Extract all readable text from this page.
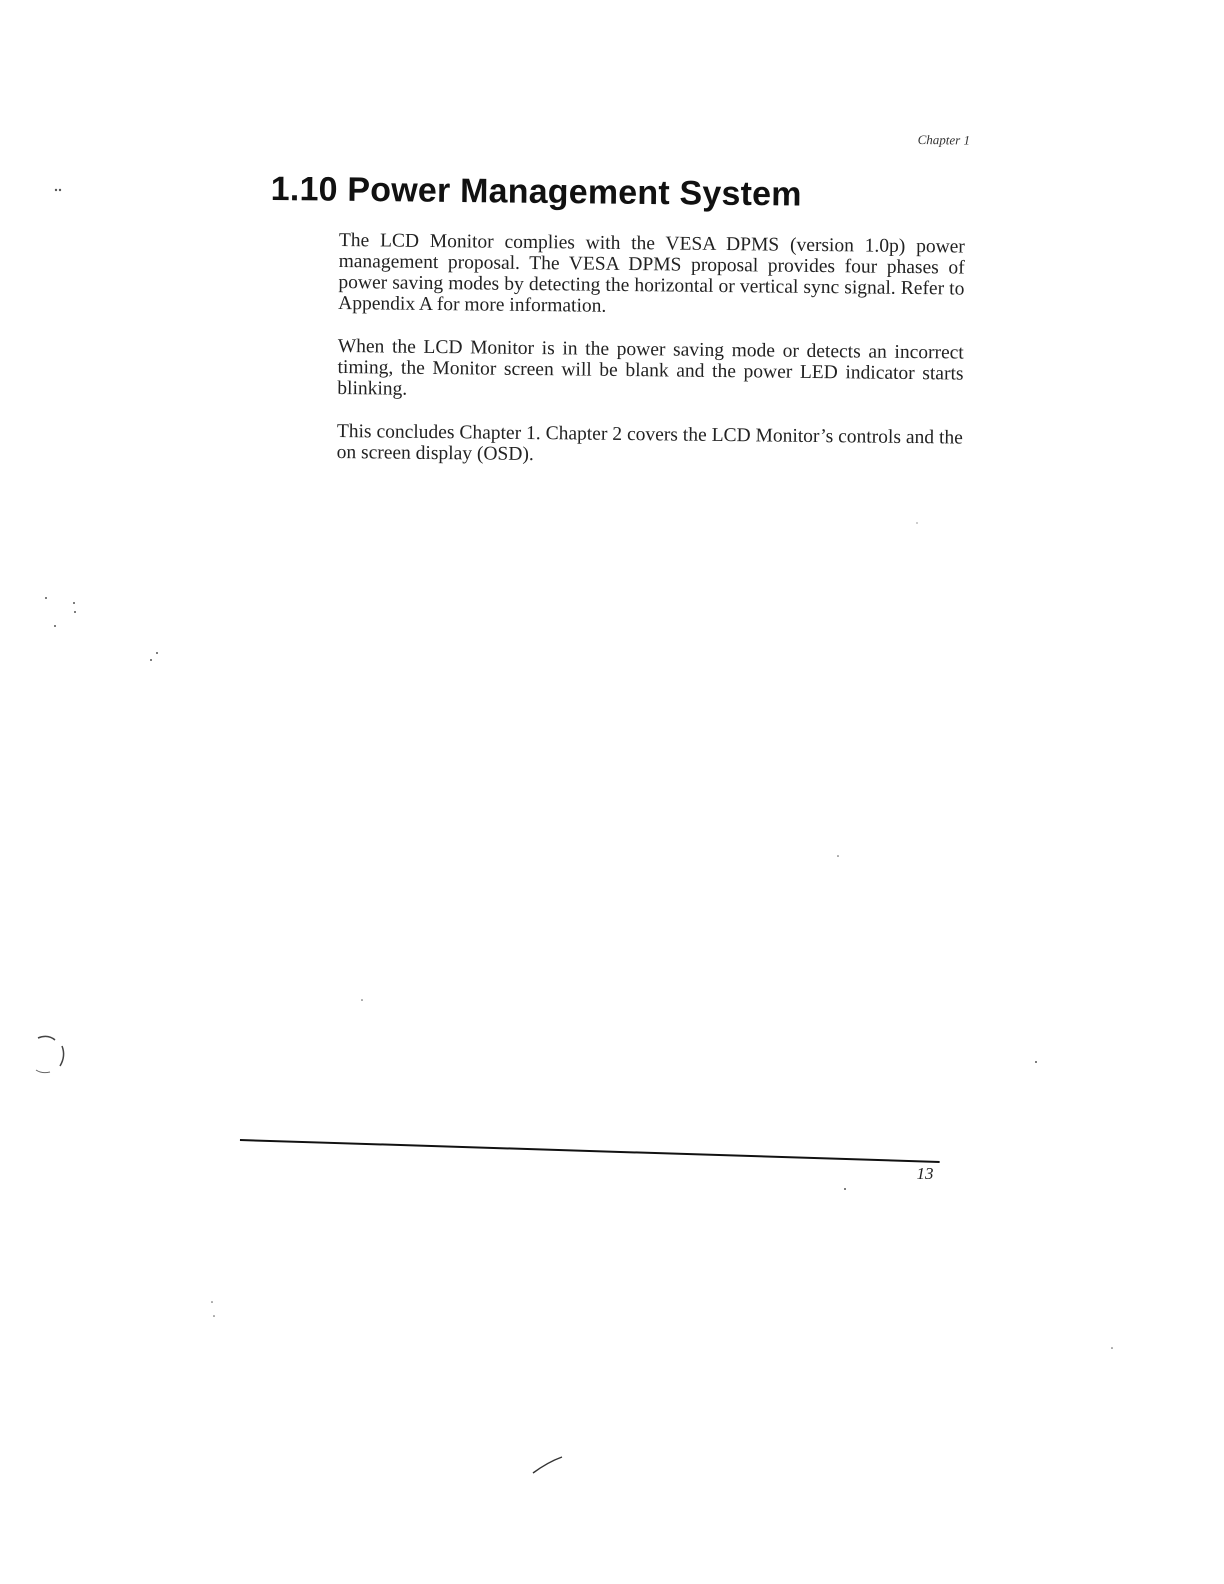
Chapter 1
1.10 Power Management System

The LCD Monitor complies with the VESA DPMS (version 1.0p) power management proposal. The VESA DPMS proposal provides four phases of power saving modes by detecting the horizontal or vertical sync signal. Refer to Appendix A for more information.

When the LCD Monitor is in the power saving mode or detects an incorrect timing, the Monitor screen will be blank and the power LED indicator starts blinking.

This concludes Chapter 1. Chapter 2 covers the LCD Monitor’s controls and the on screen display (OSD).

13
